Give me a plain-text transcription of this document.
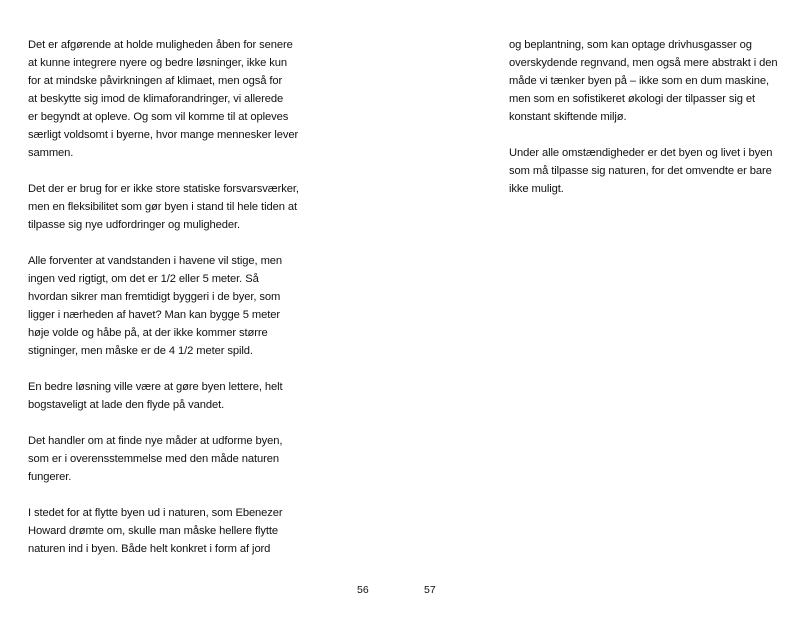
Det er afgørende at holde muligheden åben for senere
at kunne integrere nyere og bedre løsninger, ikke kun
for at mindske påvirkningen af klimaet, men også for
at beskytte sig imod de klimaforandringer, vi allerede
er begyndt at opleve. Og som vil komme til at opleves
særligt voldsomt i byerne, hvor mange mennesker lever
sammen.

Det der er brug for er ikke store statiske forsvarsværker,
men en fleksibilitet som gør byen i stand til hele tiden at
tilpasse sig nye udfordringer og muligheder.

Alle forventer at vandstanden i havene vil stige, men
ingen ved rigtigt, om det er 1/2 eller 5 meter. Så
hvordan sikrer man fremtidigt byggeri i de byer, som
ligger i nærheden af havet? Man kan bygge 5 meter
høje volde og håbe på, at der ikke kommer større
stigninger, men måske er de 4 1/2 meter spild.

En bedre løsning ville være at gøre byen lettere, helt
bogstaveligt at lade den flyde på vandet.

Det handler om at finde nye måder at udforme byen,
som er i overensstemmelse med den måde naturen
fungerer.

I stedet for at flytte byen ud i naturen, som Ebenezer
Howard drømte om, skulle man måske hellere flytte
naturen ind i byen. Både helt konkret i form af jord

56

og beplantning, som kan optage drivhusgasser og
overskydende regnvand, men også mere abstrakt i den
måde vi tænker byen på – ikke som en dum maskine,
men som en sofistikeret økologi der tilpasser sig et
konstant skiftende miljø.

Under alle omstændigheder er det byen og livet i byen
som må tilpasse sig naturen, for det omvendte er bare
ikke muligt.

57
